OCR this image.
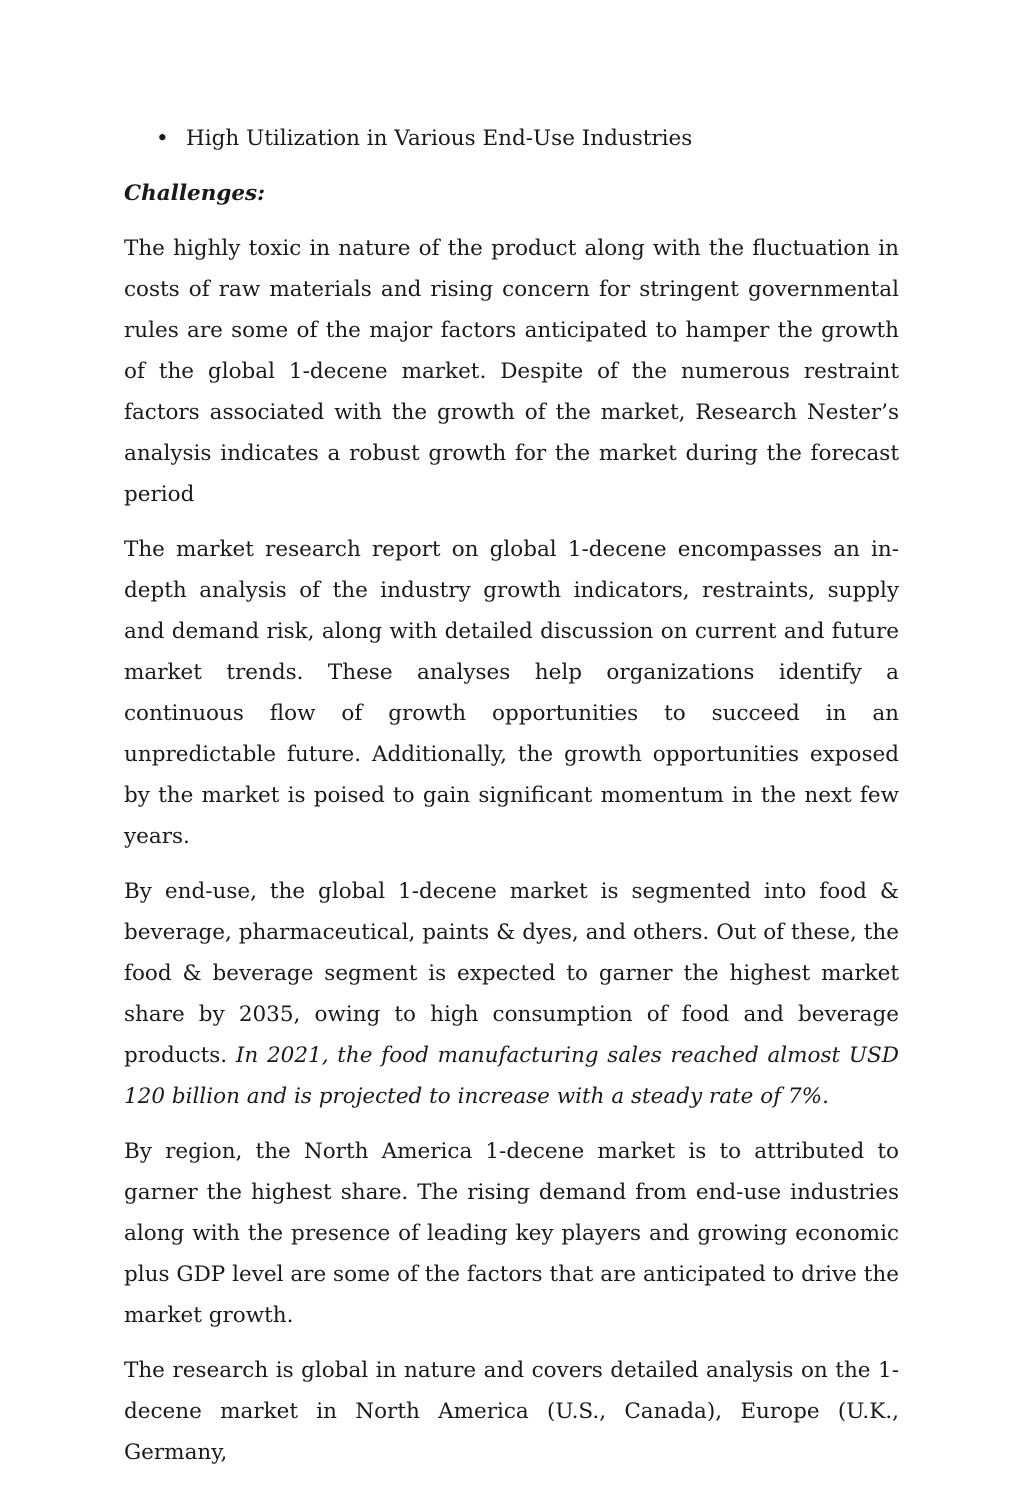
• High Utilization in Various End-Use Industries
Challenges:

The highly toxic in nature of the product along with the fluctuation in costs of raw materials and rising concern for stringent governmental rules are some of the major factors anticipated to hamper the growth of the global 1-decene market. Despite of the numerous restraint factors associated with the growth of the market, Research Nester’s analysis indicates a robust growth for the market during the forecast period

The market research report on global 1-decene encompasses an in-depth analysis of the industry growth indicators, restraints, supply and demand risk, along with detailed discussion on current and future market trends. These analyses help organizations identify a continuous flow of growth opportunities to succeed in an unpredictable future. Additionally, the growth opportunities exposed by the market is poised to gain significant momentum in the next few years.

By end-use, the global 1-decene market is segmented into food & beverage, pharmaceutical, paints & dyes, and others. Out of these, the food & beverage segment is expected to garner the highest market share by 2035, owing to high consumption of food and beverage products. In 2021, the food manufacturing sales reached almost USD 120 billion and is projected to increase with a steady rate of 7%.

By region, the North America 1-decene market is to attributed to garner the highest share. The rising demand from end-use industries along with the presence of leading key players and growing economic plus GDP level are some of the factors that are anticipated to drive the market growth.

The research is global in nature and covers detailed analysis on the 1-decene market in North America (U.S., Canada), Europe (U.K., Germany,
